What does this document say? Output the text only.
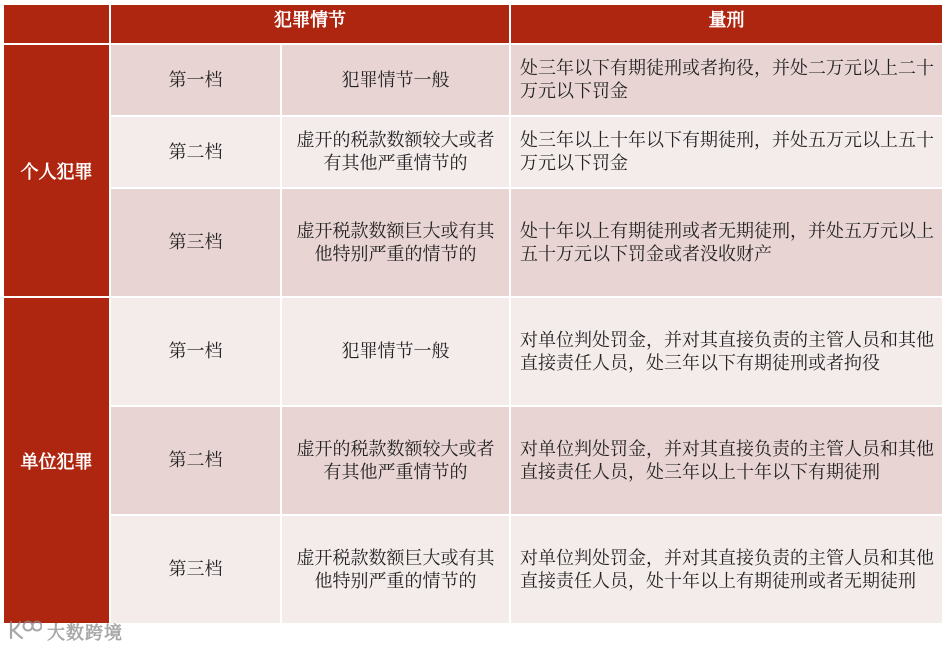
	犯罪情节		量刑
个人犯罪	第一档	犯罪情节一般	处三年以下有期徒刑或者拘役，并处二万元以上二十万元以下罚金
	第二档	虚开的税款数额较大或者有其他严重情节的	处三年以上十年以下有期徒刑，并处五万元以上五十万元以下罚金
	第三档	虚开税款数额巨大或有其他特别严重的情节的	处十年以上有期徒刑或者无期徒刑，并处五万元以上五十万元以下罚金或者没收财产
单位犯罪	第一档	犯罪情节一般	对单位判处罚金，并对其直接负责的主管人员和其他直接责任人员，处三年以下有期徒刑或者拘役
	第二档	虚开的税款数额较大或者有其他严重情节的	对单位判处罚金，并对其直接负责的主管人员和其他直接责任人员，处三年以上十年以下有期徒刑
	第三档	虚开税款数额巨大或有其他特别严重的情节的	对单位判处罚金，并对其直接负责的主管人员和其他直接责任人员，处十年以上有期徒刑或者无期徒刑
大数跨境
